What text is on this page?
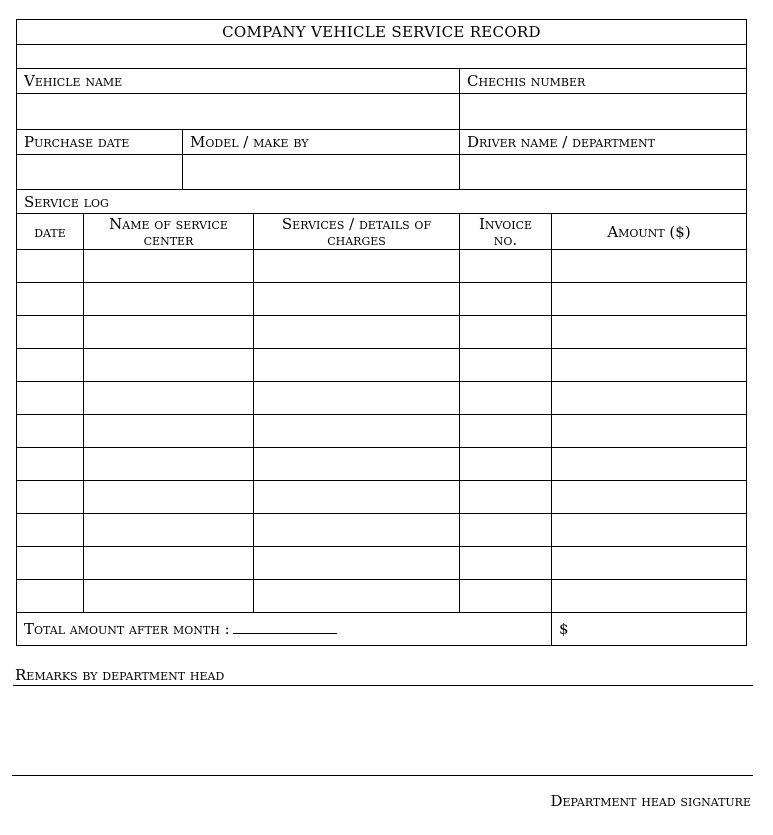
COMPANY VEHICLE SERVICE RECORD					

Vehicle name				Chechis number	

Purchase date		Model / make by		Driver name / department	

Service log					
date	Name of service center		Services / details of charges	Invoice no.	Amount ($)

Total amount after month :					$
Remarks by department head
Department head signature
